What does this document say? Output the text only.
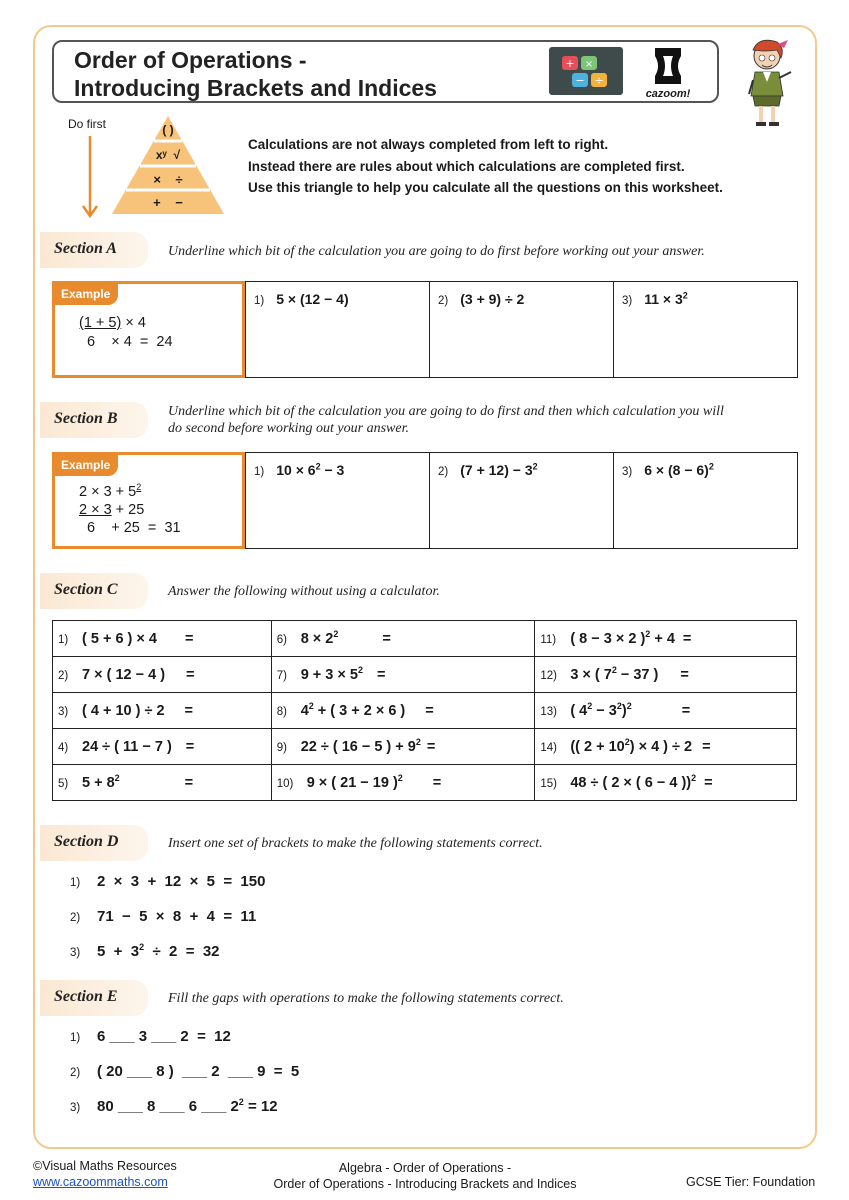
Order of Operations -
Introducing Brackets and Indices
+ ×
− ÷
cazoom!
Do first	( )
xʸ  √
×    ÷
+    −
Calculations are not always completed from left to right.
Instead there are rules about which calculations are completed first.
Use this triangle to help you calculate all the questions on this worksheet.
Section A	Underline which bit of the calculation you are going to do first before working out your answer.
Example
(1 + 5) × 4
6    × 4  =  24
1) 5 × (12 − 4)	2) (3 + 9) ÷ 2	3) $11 \times 3^2$
Section B	Underline which bit of the calculation you are going to do first and then which calculation you will
do second before working out your answer.
Example
$2 \times 3 + 5^2$
2 × 3 + 25
6    + 25  =  31
1) $10 \times 6^2 - 3$	2) $(7 + 12) - 3^2$	3) $6 \times (8 - 6)^2$
Section C	Answer the following without using a calculator.
1) ( 5 + 6 ) × 4 =	6) $8 \times 2^2$ =	11) ( 8 − 3 × 2 )$^2$ + 4 =
2) 7 × ( 12 − 4 ) =	7) $9 + 3 \times 5^2$ =	12) 3 × ( $7^2 - 37$ ) =
3) ( 4 + 10 ) ÷ 2 =	8) $4^2$ + ( 3 + 2 × 6 ) =	13) ( $4^2 - 3^2)^2$ =
4) 24 ÷ ( 11 − 7 ) =	9) 22 ÷ ( 16 − 5 ) + $9^2$ =	14) (( $2 + 10^2) \times 4$ ) ÷ 2 =
5) $5 + 8^2$ =	10) 9 × ( 21 − 19 )$^2$ =	15) 48 ÷ ( 2 × ( 6 − 4 ))$^2$ =
Section D	Insert one set of brackets to make the following statements correct.
1) 2  ×  3  +  12  ×  5  =  150
2) 71  −  5  ×  8  +  4  =  11
3) $5 + 3^2 \div 2 = 32$
Section E	Fill the gaps with operations to make the following statements correct.
1) 6 ___ 3 ___ 2  =  12
2) ( 20 ___ 8 )  ___ 2  ___ 9  =  5
3) 80 ___ 8 ___ 6 ___ $2^2 = 12$
©Visual Maths Resources
www.cazoommaths.com
Algebra - Order of Operations -
Order of Operations - Introducing Brackets and Indices	GCSE Tier: Foundation
